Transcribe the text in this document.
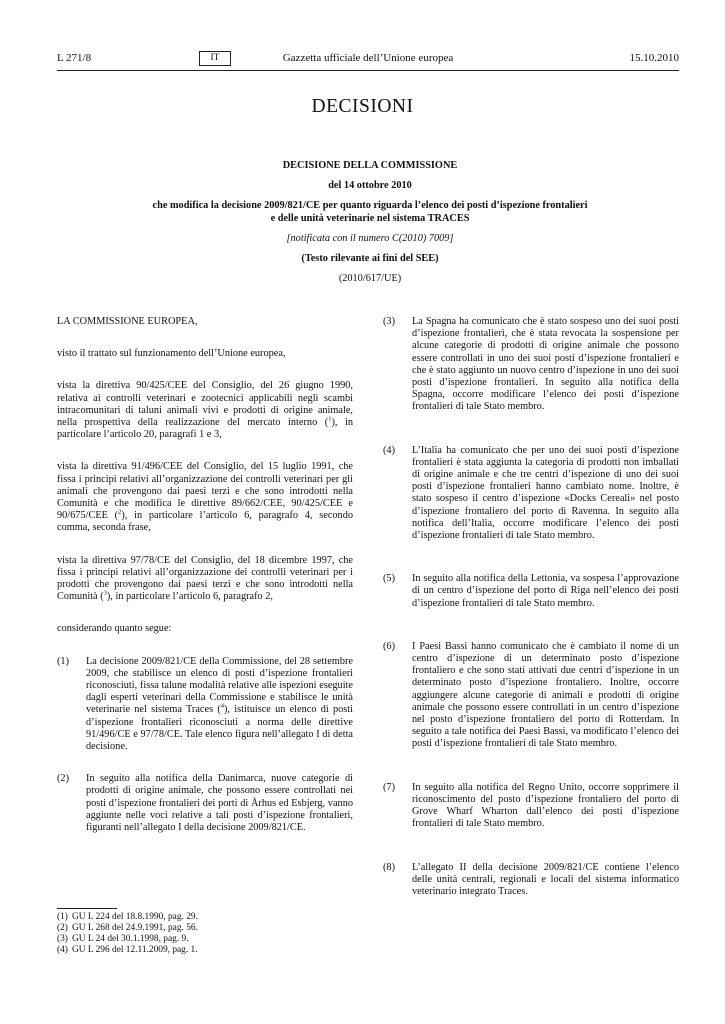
Gazzetta ufficiale dell’Unione europea
L 271/8	IT	15.10.2010
DECISIONI
DECISIONE DELLA COMMISSIONE
del 14 ottobre 2010
che modifica la decisione 2009/821/CE per quanto riguarda l’elenco dei posti d’ispezione frontalieri
e delle unità veterinarie nel sistema TRACES
[notificata con il numero C(2010) 7009]
(Testo rilevante ai fini del SEE)
(2010/617/UE)
LA COMMISSIONE EUROPEA,
visto il trattato sul funzionamento dell’Unione europea,
vista la direttiva 90/425/CEE del Consiglio, del 26 giugno 1990, relativa ai controlli veterinari e zootecnici applicabili negli scambi intracomunitari di taluni animali vivi e prodotti di origine animale, nella prospettiva della realizzazione del mercato interno ($^1$), in particolare l’articolo 20, paragrafi 1 e 3,
vista la direttiva 91/496/CEE del Consiglio, del 15 luglio 1991, che fissa i principi relativi all’organizzazione dei controlli veterinari per gli animali che provengono dai paesi terzi e che sono introdotti nella Comunità e che modifica le direttive 89/662/CEE, 90/425/CEE e 90/675/CEE ($^2$), in particolare l’articolo 6, paragrafo 4, secondo comma, seconda frase,
vista la direttiva 97/78/CE del Consiglio, del 18 dicembre 1997, che fissa i principi relativi all’organizzazione dei controlli veterinari per i prodotti che provengono dai paesi terzi e che sono introdotti nella Comunità ($^3$), in particolare l’articolo 6, paragrafo 2,
considerando quanto segue:
(1) La decisione 2009/821/CE della Commissione, del 28 settembre 2009, che stabilisce un elenco di posti d’ispezione frontalieri riconosciuti, fissa talune modalità relative alle ispezioni eseguite dagli esperti veterinari della Commissione e stabilisce le unità veterinarie nel sistema Traces ($^4$), istituisce un elenco di posti d’ispezione frontalieri riconosciuti a norma delle direttive 91/496/CE e 97/78/CE. Tale elenco figura nell’allegato I di detta decisione.
(2) In seguito alla notifica della Danimarca, nuove categorie di prodotti di origine animale, che possono essere controllati nei posti d’ispezione frontalieri dei porti di Århus ed Esbjerg, vanno aggiunte nelle voci relative a tali posti d’ispezione frontalieri, figuranti nell’allegato I della decisione 2009/821/CE.
(3) La Spagna ha comunicato che è stato sospeso uno dei suoi posti d’ispezione frontalieri, che è stata revocata la sospensione per alcune categorie di prodotti di origine animale che possono essere controllati in uno dei suoi posti d’ispezione frontalieri e che è stato aggiunto un nuovo centro d’ispezione in uno dei suoi posti d’ispezione frontalieri. In seguito alla notifica della Spagna, occorre modificare l’elenco dei posti d’ispezione frontalieri di tale Stato membro.
(4) L’Italia ha comunicato che per uno dei suoi posti d’ispezione frontalieri è stata aggiunta la categoria di prodotti non imballati di origine animale e che tre centri d’ispezione di uno dei suoi posti d’ispezione frontalieri hanno cambiato nome. Inoltre, è stato sospeso il centro d’ispezione «Docks Cereali» nel posto d’ispezione frontaliero del porto di Ravenna. In seguito alla notifica dell’Italia, occorre modificare l’elenco dei posti d’ispezione frontalieri di tale Stato membro.
(5) In seguito alla notifica della Lettonia, va sospesa l’approvazione di un centro d’ispezione del porto di Riga nell’elenco dei posti d’ispezione frontalieri di tale Stato membro.
(6) I Paesi Bassi hanno comunicato che è cambiato il nome di un centro d’ispezione di un determinato posto d’ispezione frontaliero e che sono stati attivati due centri d’ispezione in un determinato posto d’ispezione frontaliero. Inoltre, occorre aggiungere alcune categorie di animali e prodotti di origine animale che possono essere controllati in un centro d’ispezione nel posto d’ispezione frontaliero del porto di Rotterdam. In seguito a tale notifica dei Paesi Bassi, va modificato l’elenco dei posti d’ispezione frontalieri di tale Stato membro.
(7) In seguito alla notifica del Regno Unito, occorre sopprimere il riconoscimento del posto d’ispezione frontaliero del porto di Grove Wharf Wharton dall’elenco dei posti d’ispezione frontalieri di tale Stato membro.
(8) L’allegato II della decisione 2009/821/CE contiene l’elenco delle unità centrali, regionali e locali del sistema informatico veterinario integrato Traces.
(1) GU L 224 del 18.8.1990, pag. 29.
(2) GU L 268 del 24.9.1991, pag. 56.
(3) GU L 24 del 30.1.1998, pag. 9.
(4) GU L 296 del 12.11.2009, pag. 1.
